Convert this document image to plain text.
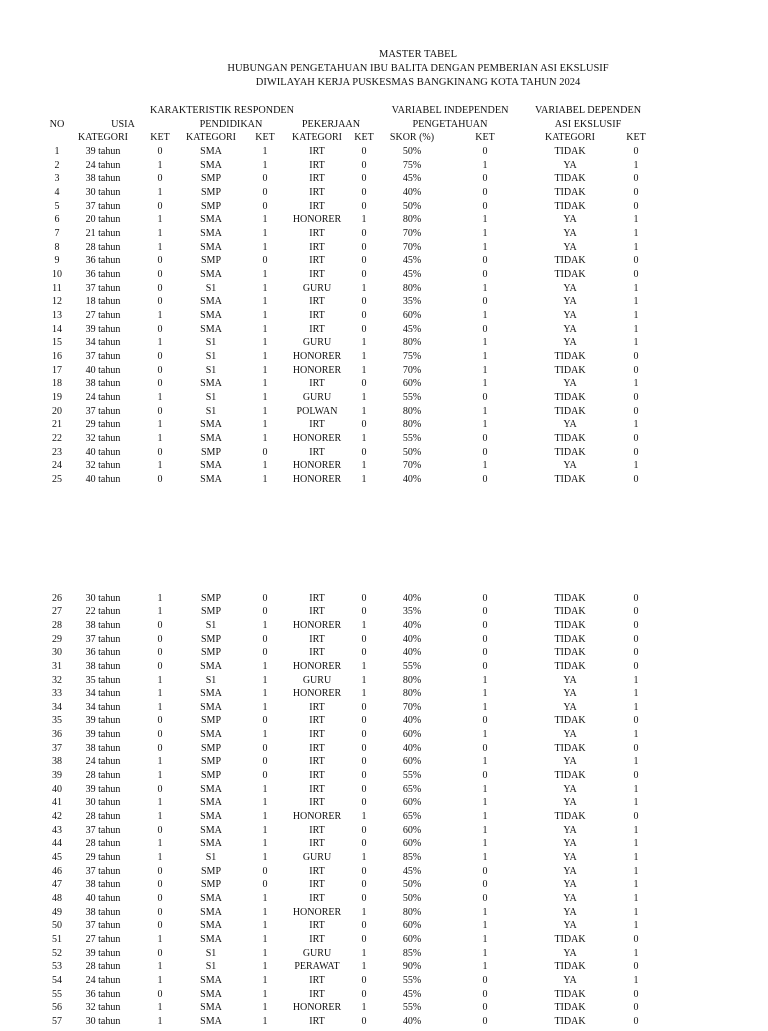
MASTER TABEL
HUBUNGAN PENGETAHUAN IBU BALITA DENGAN PEMBERIAN ASI EKSLUSIF
DIWILAYAH KERJA PUSKESMAS BANGKINANG KOTA TAHUN 2024
KARAKTERISTIK RESPONDEN	VARIABEL INDEPENDEN	VARIABEL DEPENDEN
NO	USIA	PENDIDIKAN	PEKERJAAN	PENGETAHUAN	ASI EKSLUSIF
KATEGORI	KET	KATEGORI	KET	KATEGORI	KET	SKOR (%)	KET	KATEGORI	KET
1	39 tahun	0	SMA	1	IRT	0	50%	0	TIDAK	0
2	24 tahun	1	SMA	1	IRT	0	75%	1	YA	1
3	38 tahun	0	SMP	0	IRT	0	45%	0	TIDAK	0
4	30 tahun	1	SMP	0	IRT	0	40%	0	TIDAK	0
5	37 tahun	0	SMP	0	IRT	0	50%	0	TIDAK	0
6	20 tahun	1	SMA	1	HONORER	1	80%	1	YA	1
7	21 tahun	1	SMA	1	IRT	0	70%	1	YA	1
8	28 tahun	1	SMA	1	IRT	0	70%	1	YA	1
9	36 tahun	0	SMP	0	IRT	0	45%	0	TIDAK	0
10	36 tahun	0	SMA	1	IRT	0	45%	0	TIDAK	0
11	37 tahun	0	S1	1	GURU	1	80%	1	YA	1
12	18 tahun	0	SMA	1	IRT	0	35%	0	YA	1
13	27 tahun	1	SMA	1	IRT	0	60%	1	YA	1
14	39 tahun	0	SMA	1	IRT	0	45%	0	YA	1
15	34 tahun	1	S1	1	GURU	1	80%	1	YA	1
16	37 tahun	0	S1	1	HONORER	1	75%	1	TIDAK	0
17	40 tahun	0	S1	1	HONORER	1	70%	1	TIDAK	0
18	38 tahun	0	SMA	1	IRT	0	60%	1	YA	1
19	24 tahun	1	S1	1	GURU	1	55%	0	TIDAK	0
20	37 tahun	0	S1	1	POLWAN	1	80%	1	TIDAK	0
21	29 tahun	1	SMA	1	IRT	0	80%	1	YA	1
22	32 tahun	1	SMA	1	HONORER	1	55%	0	TIDAK	0
23	40 tahun	0	SMP	0	IRT	0	50%	0	TIDAK	0
24	32 tahun	1	SMA	1	HONORER	1	70%	1	YA	1
25	40 tahun	0	SMA	1	HONORER	1	40%	0	TIDAK	0
26	30 tahun	1	SMP	0	IRT	0	40%	0	TIDAK	0
27	22 tahun	1	SMP	0	IRT	0	35%	0	TIDAK	0
28	38 tahun	0	S1	1	HONORER	1	40%	0	TIDAK	0
29	37 tahun	0	SMP	0	IRT	0	40%	0	TIDAK	0
30	36 tahun	0	SMP	0	IRT	0	40%	0	TIDAK	0
31	38 tahun	0	SMA	1	HONORER	1	55%	0	TIDAK	0
32	35 tahun	1	S1	1	GURU	1	80%	1	YA	1
33	34 tahun	1	SMA	1	HONORER	1	80%	1	YA	1
34	34 tahun	1	SMA	1	IRT	0	70%	1	YA	1
35	39 tahun	0	SMP	0	IRT	0	40%	0	TIDAK	0
36	39 tahun	0	SMA	1	IRT	0	60%	1	YA	1
37	38 tahun	0	SMP	0	IRT	0	40%	0	TIDAK	0
38	24 tahun	1	SMP	0	IRT	0	60%	1	YA	1
39	28 tahun	1	SMP	0	IRT	0	55%	0	TIDAK	0
40	39 tahun	0	SMA	1	IRT	0	65%	1	YA	1
41	30 tahun	1	SMA	1	IRT	0	60%	1	YA	1
42	28 tahun	1	SMA	1	HONORER	1	65%	1	TIDAK	0
43	37 tahun	0	SMA	1	IRT	0	60%	1	YA	1
44	28 tahun	1	SMA	1	IRT	0	60%	1	YA	1
45	29 tahun	1	S1	1	GURU	1	85%	1	YA	1
46	37 tahun	0	SMP	0	IRT	0	45%	0	YA	1
47	38 tahun	0	SMP	0	IRT	0	50%	0	YA	1
48	40 tahun	0	SMA	1	IRT	0	50%	0	YA	1
49	38 tahun	0	SMA	1	HONORER	1	80%	1	YA	1
50	37 tahun	0	SMA	1	IRT	0	60%	1	YA	1
51	27 tahun	1	SMA	1	IRT	0	60%	1	TIDAK	0
52	39 tahun	0	S1	1	GURU	1	85%	1	YA	1
53	28 tahun	1	S1	1	PERAWAT	1	90%	1	TIDAK	0
54	24 tahun	1	SMA	1	IRT	0	55%	0	YA	1
55	36 tahun	0	SMA	1	IRT	0	45%	0	TIDAK	0
56	32 tahun	1	SMA	1	HONORER	1	55%	0	TIDAK	0
57	30 tahun	1	SMA	1	IRT	0	40%	0	TIDAK	0
